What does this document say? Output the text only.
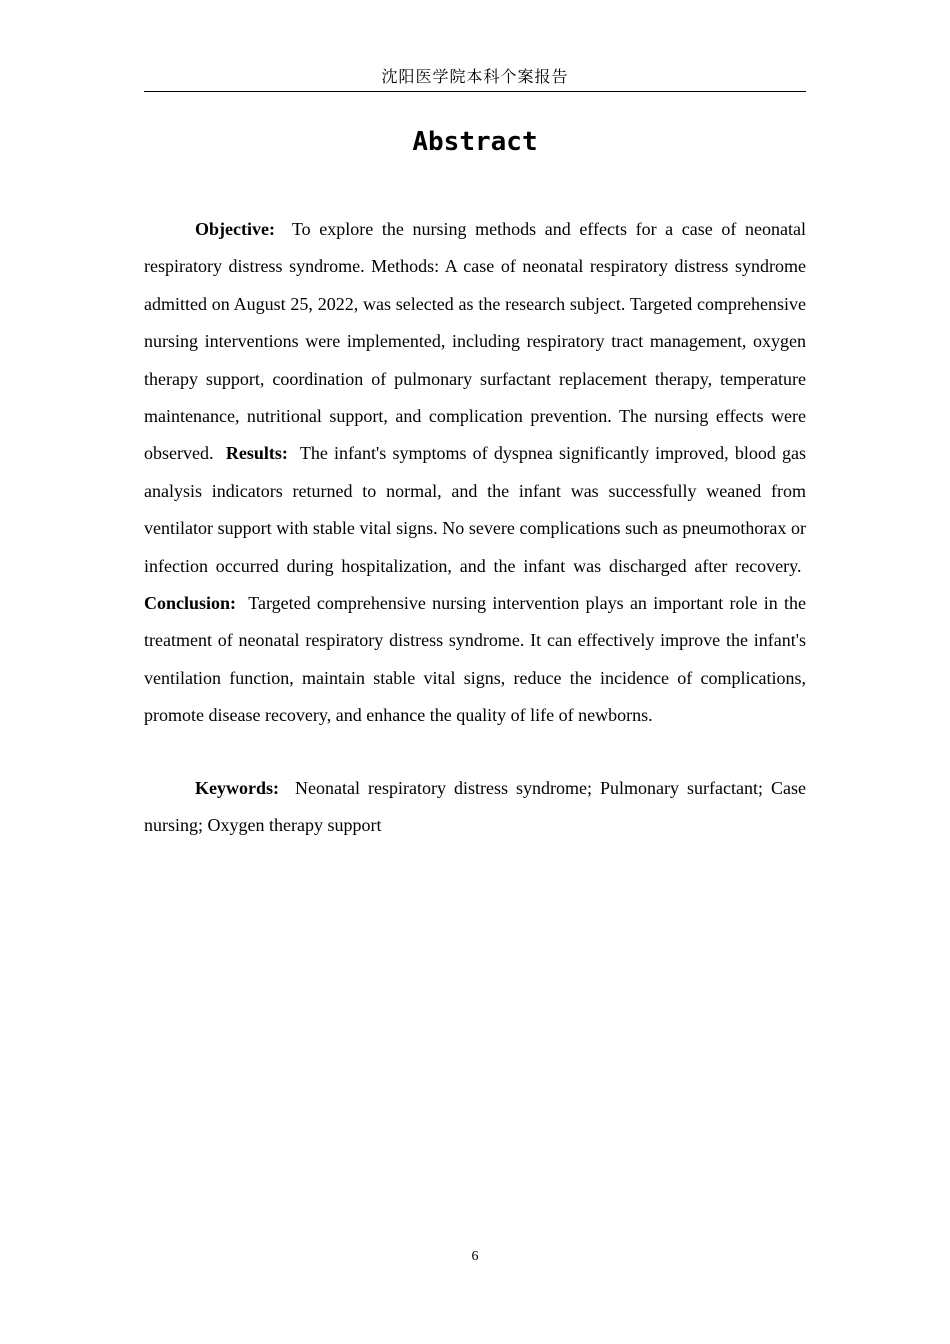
沈阳医学院本科个案报告
Abstract

Objective: To explore the nursing methods and effects for a case of neonatal respiratory distress syndrome. Methods: A case of neonatal respiratory distress syndrome admitted on August 25, 2022, was selected as the research subject. Targeted comprehensive nursing interventions were implemented, including respiratory tract management, oxygen therapy support, coordination of pulmonary surfactant replacement therapy, temperature maintenance, nutritional support, and complication prevention. The nursing effects were observed. Results: The infant's symptoms of dyspnea significantly improved, blood gas analysis indicators returned to normal, and the infant was successfully weaned from ventilator support with stable vital signs. No severe complications such as pneumothorax or infection occurred during hospitalization, and the infant was discharged after recovery.  Conclusion: Targeted comprehensive nursing intervention plays an important role in the treatment of neonatal respiratory distress syndrome. It can effectively improve the infant's ventilation function, maintain stable vital signs, reduce the incidence of complications, promote disease recovery, and enhance the quality of life of newborns.

Keywords: Neonatal respiratory distress syndrome; Pulmonary surfactant; Case nursing; Oxygen therapy support

6
